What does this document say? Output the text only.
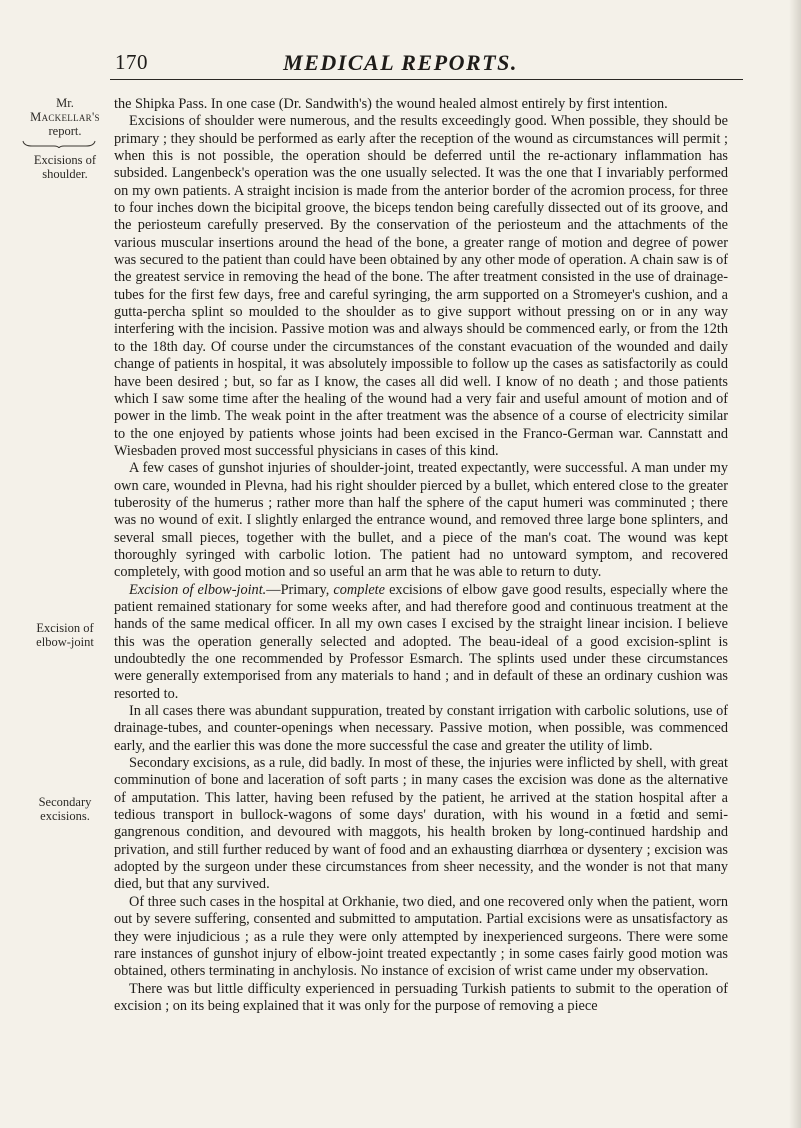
170	MEDICAL REPORTS.
Mr.
Mackellar's
report.
Excisions of shoulder.
Excision of elbow-joint
Secondary excisions.

the Shipka Pass. In one case (Dr. Sandwith's) the wound healed almost entirely by first intention.

Excisions of shoulder were numerous, and the results exceedingly good. When possible, they should be primary ; they should be performed as early after the reception of the wound as circumstances will permit ; when this is not possible, the operation should be deferred until the re-actionary inflammation has subsided. Langenbeck's operation was the one usually selected. It was the one that I invariably performed on my own patients. A straight incision is made from the anterior border of the acromion process, for three to four inches down the bicipital groove, the biceps tendon being carefully dissected out of its groove, and the periosteum carefully preserved. By the conservation of the periosteum and the attachments of the various muscular insertions around the head of the bone, a greater range of motion and degree of power was secured to the patient than could have been obtained by any other mode of operation. A chain saw is of the greatest service in removing the head of the bone. The after treatment consisted in the use of drainage-tubes for the first few days, free and careful syringing, the arm supported on a Stromeyer's cushion, and a gutta-percha splint so moulded to the shoulder as to give support without pressing on or in any way interfering with the incision. Passive motion was and always should be commenced early, or from the 12th to the 18th day. Of course under the circumstances of the constant evacuation of the wounded and daily change of patients in hospital, it was absolutely impossible to follow up the cases as satisfactorily as could have been desired ; but, so far as I know, the cases all did well. I know of no death ; and those patients which I saw some time after the healing of the wound had a very fair and useful amount of motion and of power in the limb. The weak point in the after treatment was the absence of a course of electricity similar to the one enjoyed by patients whose joints had been excised in the Franco-German war. Cannstatt and Wiesbaden proved most successful physicians in cases of this kind.

A few cases of gunshot injuries of shoulder-joint, treated expectantly, were successful. A man under my own care, wounded in Plevna, had his right shoulder pierced by a bullet, which entered close to the greater tuberosity of the humerus ; rather more than half the sphere of the caput humeri was comminuted ; there was no wound of exit. I slightly enlarged the entrance wound, and removed three large bone splinters, and several small pieces, together with the bullet, and a piece of the man's coat. The wound was kept thoroughly syringed with carbolic lotion. The patient had no untoward symptom, and recovered completely, with good motion and so useful an arm that he was able to return to duty.

Excision of elbow-joint.—Primary, complete excisions of elbow gave good results, especially where the patient remained stationary for some weeks after, and had therefore good and continuous treatment at the hands of the same medical officer. In all my own cases I excised by the straight linear incision. I believe this was the operation generally selected and adopted. The beau-ideal of a good excision-splint is undoubtedly the one recommended by Professor Esmarch. The splints used under these circumstances were generally extemporised from any materials to hand ; and in default of these an ordinary cushion was resorted to.

In all cases there was abundant suppuration, treated by constant irrigation with carbolic solutions, use of drainage-tubes, and counter-openings when necessary. Passive motion, when possible, was commenced early, and the earlier this was done the more successful the case and greater the utility of limb.

Secondary excisions, as a rule, did badly. In most of these, the injuries were inflicted by shell, with great comminution of bone and laceration of soft parts ; in many cases the excision was done as the alternative of amputation. This latter, having been refused by the patient, he arrived at the station hospital after a tedious transport in bullock-wagons of some days' duration, with his wound in a fœtid and semi-gangrenous condition, and devoured with maggots, his health broken by long-continued hardship and privation, and still further reduced by want of food and an exhausting diarrhœa or dysentery ; excision was adopted by the surgeon under these circumstances from sheer necessity, and the wonder is not that many died, but that any survived.

Of three such cases in the hospital at Orkhanie, two died, and one recovered only when the patient, worn out by severe suffering, consented and submitted to amputation. Partial excisions were as unsatisfactory as they were injudicious ; as a rule they were only attempted by inexperienced surgeons. There were some rare instances of gunshot injury of elbow-joint treated expectantly ; in some cases fairly good motion was obtained, others terminating in anchylosis. No instance of excision of wrist came under my observation.

There was but little difficulty experienced in persuading Turkish patients to submit to the operation of excision ; on its being explained that it was only for the purpose of removing a piece
